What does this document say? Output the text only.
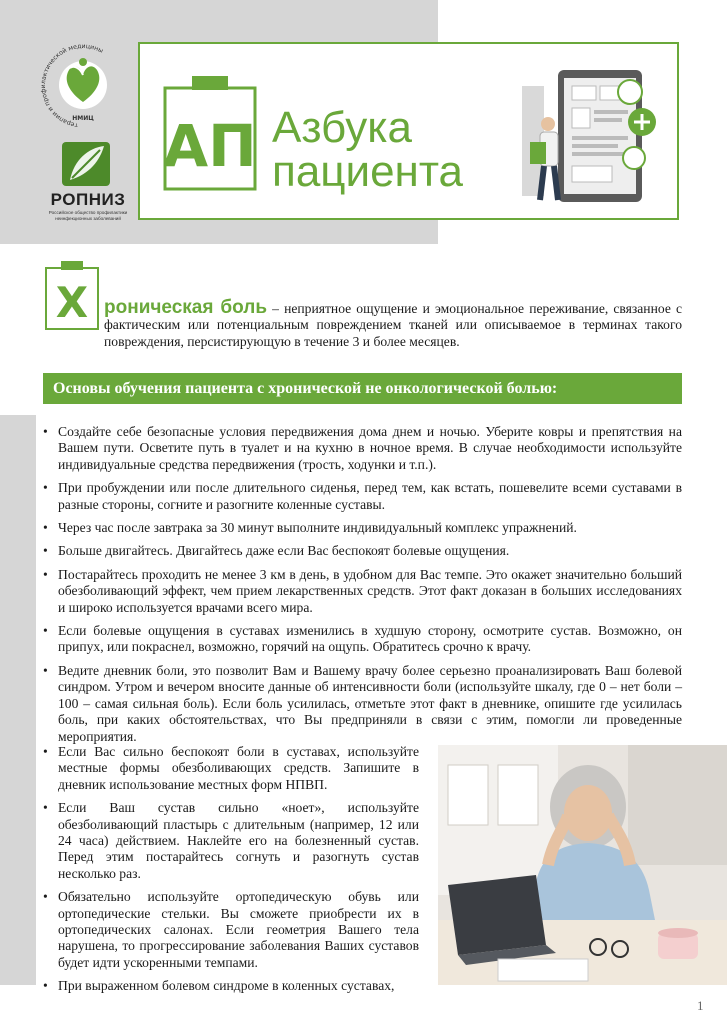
терапии и профилактической медицины
НМИЦ
РОПНИЗ
Российское общество профилактики неинфекционных заболеваний
АП Азбука
пациента
Х роническая боль – неприятное ощущение и эмоциональное переживание, связанное с фактическим или потенциальным повреждением тканей или описываемое в терминах такого повреждения, персистирующую в течение 3 и более месяцев.

Основы обучения пациента с хронической не онкологической болью:
• Создайте себе безопасные условия передвижения дома днем и ночью. Уберите ковры и препятствия на Вашем пути. Осветите путь в туалет и на кухню в ночное время. В случае необходимости используйте индивидуальные средства передвижения (трость, ходунки и т.п.).
• При пробуждении или после длительного сиденья, перед тем, как встать, пошевелите всеми суставами в разные стороны, согните и разогните коленные суставы.
• Через час после завтрака за 30 минут выполните индивидуальный комплекс упражнений.
• Больше двигайтесь. Двигайтесь даже если Вас беспокоят болевые ощущения.
• Постарайтесь проходить не менее 3 км в день, в удобном для Вас темпе. Это окажет значительно больший обезболивающий эффект, чем прием лекарственных средств. Этот факт доказан в больших исследованиях и широко используется врачами всего мира.
• Если болевые ощущения в суставах изменились в худшую сторону, осмотрите сустав. Возможно, он припух, или покраснел, возможно, горячий на ощупь. Обратитесь срочно к врачу.
• Ведите дневник боли, это позволит Вам и Вашему врачу более серьезно проанализировать Ваш болевой синдром. Утром и вечером вносите данные об интенсивности боли (используйте шкалу, где 0 – нет боли – 100 – самая сильная боль). Если боль усилилась, отметьте этот факт в дневнике, опишите где усилилась боль, при каких обстоятельствах, что Вы предприняли в связи с этим, помогли ли проведенные мероприятия.
• Если Вас сильно беспокоят боли в суставах, используйте местные формы обезболивающих средств. Запишите в дневник использование местных форм НПВП.
• Если Ваш сустав сильно «ноет», используйте обезболивающий пластырь с длительным (например, 12 или 24 часа) действием. Наклейте его на болезненный сустав. Перед этим постарайтесь согнуть и разогнуть сустав несколько раз.
• Обязательно используйте ортопедическую обувь или ортопедические стельки. Вы сможете приобрести их в ортопедических салонах. Если геометрия Вашего тела нарушена, то прогрессирование заболевания Ваших суставов будет идти ускоренными темпами.
• При выраженном болевом синдроме в коленных суставах,
1
